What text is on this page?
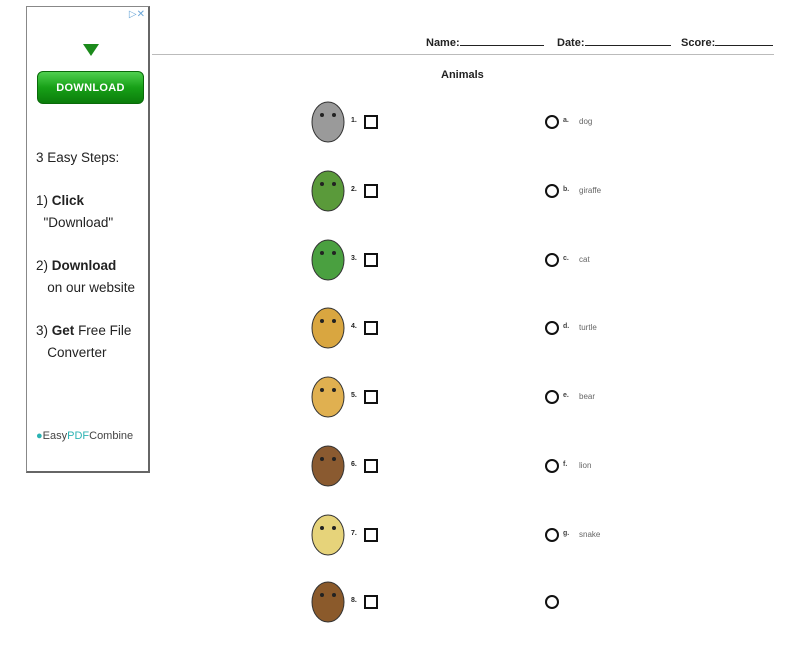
▷✕
DOWNLOAD
3 Easy Steps:
1) Click
"Download"
2) Download
on our website
3) Get Free File
Converter
●EasyPDFCombine
Name:	Date:	Score:
Animals
1.	a. dog
2.	b. giraffe
3.	c. cat
4.	d. turtle
5.	e. bear
6.	f. lion
7.	g. snake
8.
